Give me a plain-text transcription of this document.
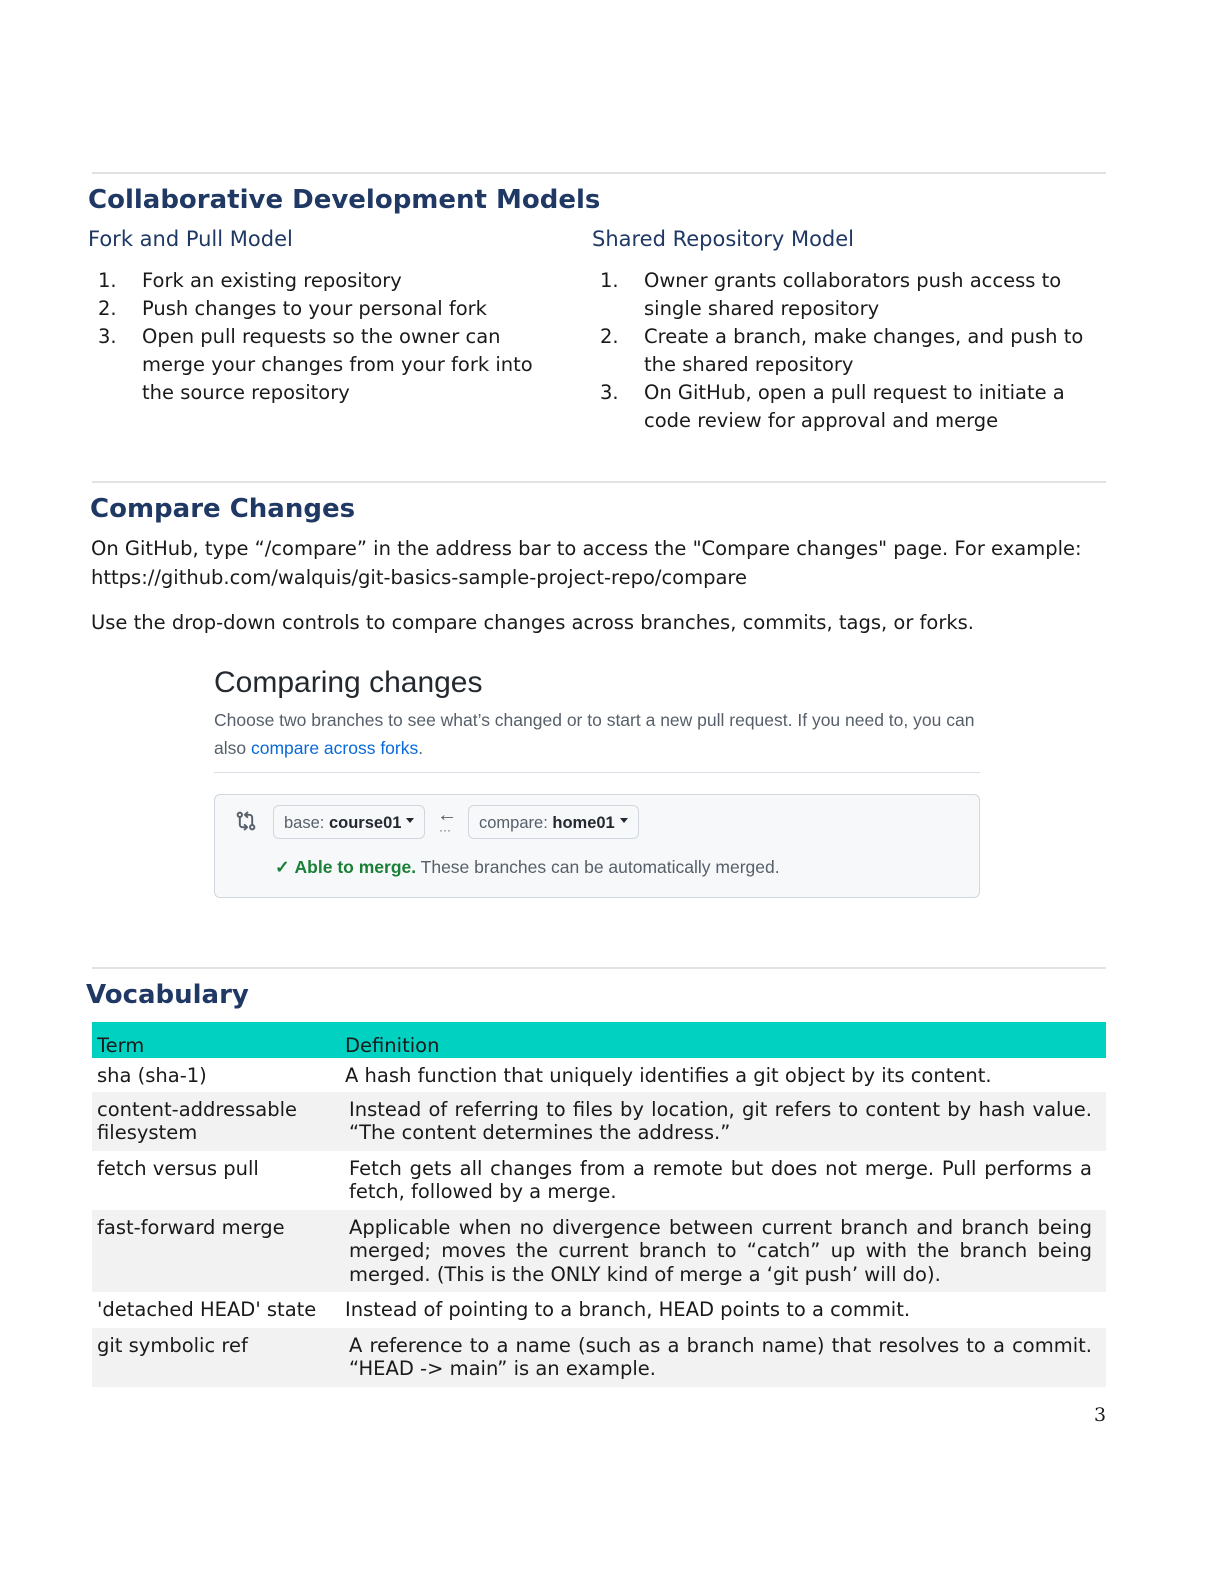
Collaborative Development Models
Fork and Pull Model
1. Fork an existing repository
2. Push changes to your personal fork
3. Open pull requests so the owner can merge your changes from your fork into the source repository
Shared Repository Model
1. Owner grants collaborators push access to single shared repository
2. Create a branch, make changes, and push to the shared repository
3. On GitHub, open a pull request to initiate a code review for approval and merge
Compare Changes
On GitHub, type “/compare” in the address bar to access the "Compare changes" page. For example: https://github.com/walquis/git-basics-sample-project-repo/compare
Use the drop-down controls to compare changes across branches, commits, tags, or forks.
Comparing changes
Choose two branches to see what’s changed or to start a new pull request. If you need to, you can also compare across forks.
base: course01	←
···	compare: home01
✓ Able to merge. These branches can be automatically merged.
Vocabulary
Term	Definition
sha (sha-1)	A hash function that uniquely identifies a git object by its content.
content-addressable filesystem	Instead of referring to files by location, git refers to content by hash value. “The content determines the address.”
fetch versus pull	Fetch gets all changes from a remote but does not merge. Pull performs a fetch, followed by a merge.
fast-forward merge	Applicable when no divergence between current branch and branch being merged; moves the current branch to “catch” up with the branch being merged. (This is the ONLY kind of merge a ‘git push’ will do).
'detached HEAD' state	Instead of pointing to a branch, HEAD points to a commit.
git symbolic ref	A reference to a name (such as a branch name) that resolves to a commit. “HEAD -> main” is an example.
3
